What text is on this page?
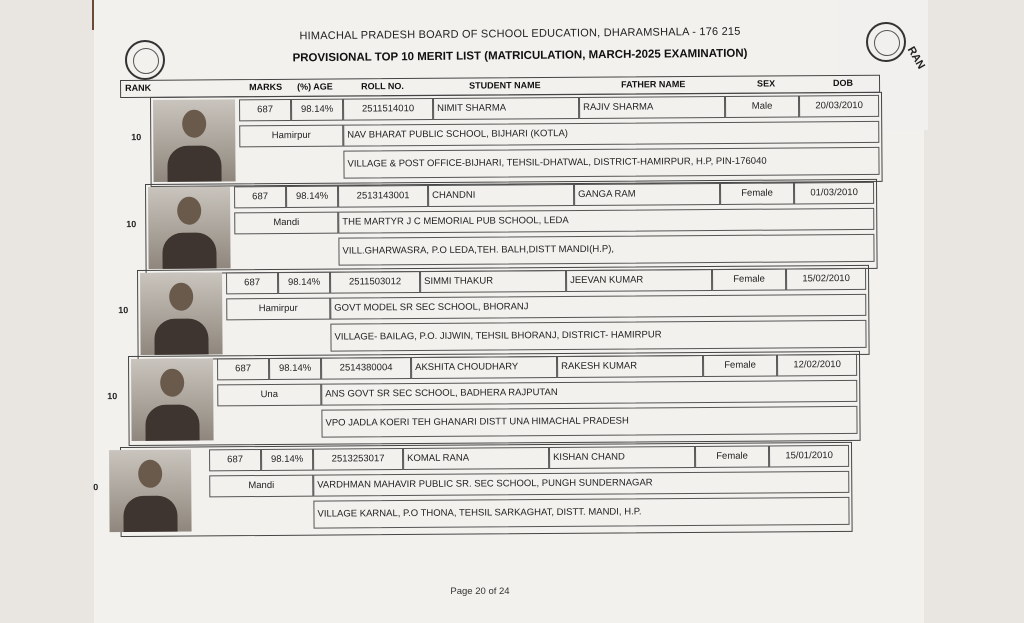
RAN
HIMACHAL PRADESH BOARD OF SCHOOL EDUCATION, DHARAMSHALA - 176 215
PROVISIONAL TOP 10 MERIT LIST (MATRICULATION, MARCH-2025 EXAMINATION)
RANK	MARKS (%) AGE	ROLL NO.	STUDENT NAME	FATHER NAME	SEX	DOB
10
687	98.14%	2511514010	NIMIT SHARMA	RAJIV SHARMA	Male	20/03/2010
Hamirpur	NAV BHARAT PUBLIC SCHOOL, BIJHARI (KOTLA)
VILLAGE & POST OFFICE-BIJHARI, TEHSIL-DHATWAL, DISTRICT-HAMIRPUR, H.P, PIN-176040
10
687	98.14%	2513143001	CHANDNI	GANGA RAM	Female	01/03/2010
Mandi	THE MARTYR J C MEMORIAL PUB SCHOOL, LEDA
VILL.GHARWASRA, P.O LEDA,TEH. BALH,DISTT MANDI(H.P),
10
687	98.14%	2511503012	SIMMI THAKUR	JEEVAN KUMAR	Female	15/02/2010
Hamirpur	GOVT MODEL SR SEC SCHOOL, BHORANJ
VILLAGE- BAILAG, P.O. JIJWIN, TEHSIL BHORANJ, DISTRICT- HAMIRPUR
10
687	98.14%	2514380004	AKSHITA CHOUDHARY	RAKESH KUMAR	Female	12/02/2010
Una	ANS GOVT SR SEC SCHOOL, BADHERA RAJPUTAN
VPO JADLA KOERI TEH GHANARI DISTT UNA HIMACHAL PRADESH
0
687	98.14%	2513253017	KOMAL RANA	KISHAN CHAND	Female	15/01/2010
Mandi	VARDHMAN MAHAVIR PUBLIC SR. SEC SCHOOL, PUNGH SUNDERNAGAR
VILLAGE KARNAL, P.O THONA, TEHSIL SARKAGHAT, DISTT. MANDI, H.P.
Page 20 of 24
